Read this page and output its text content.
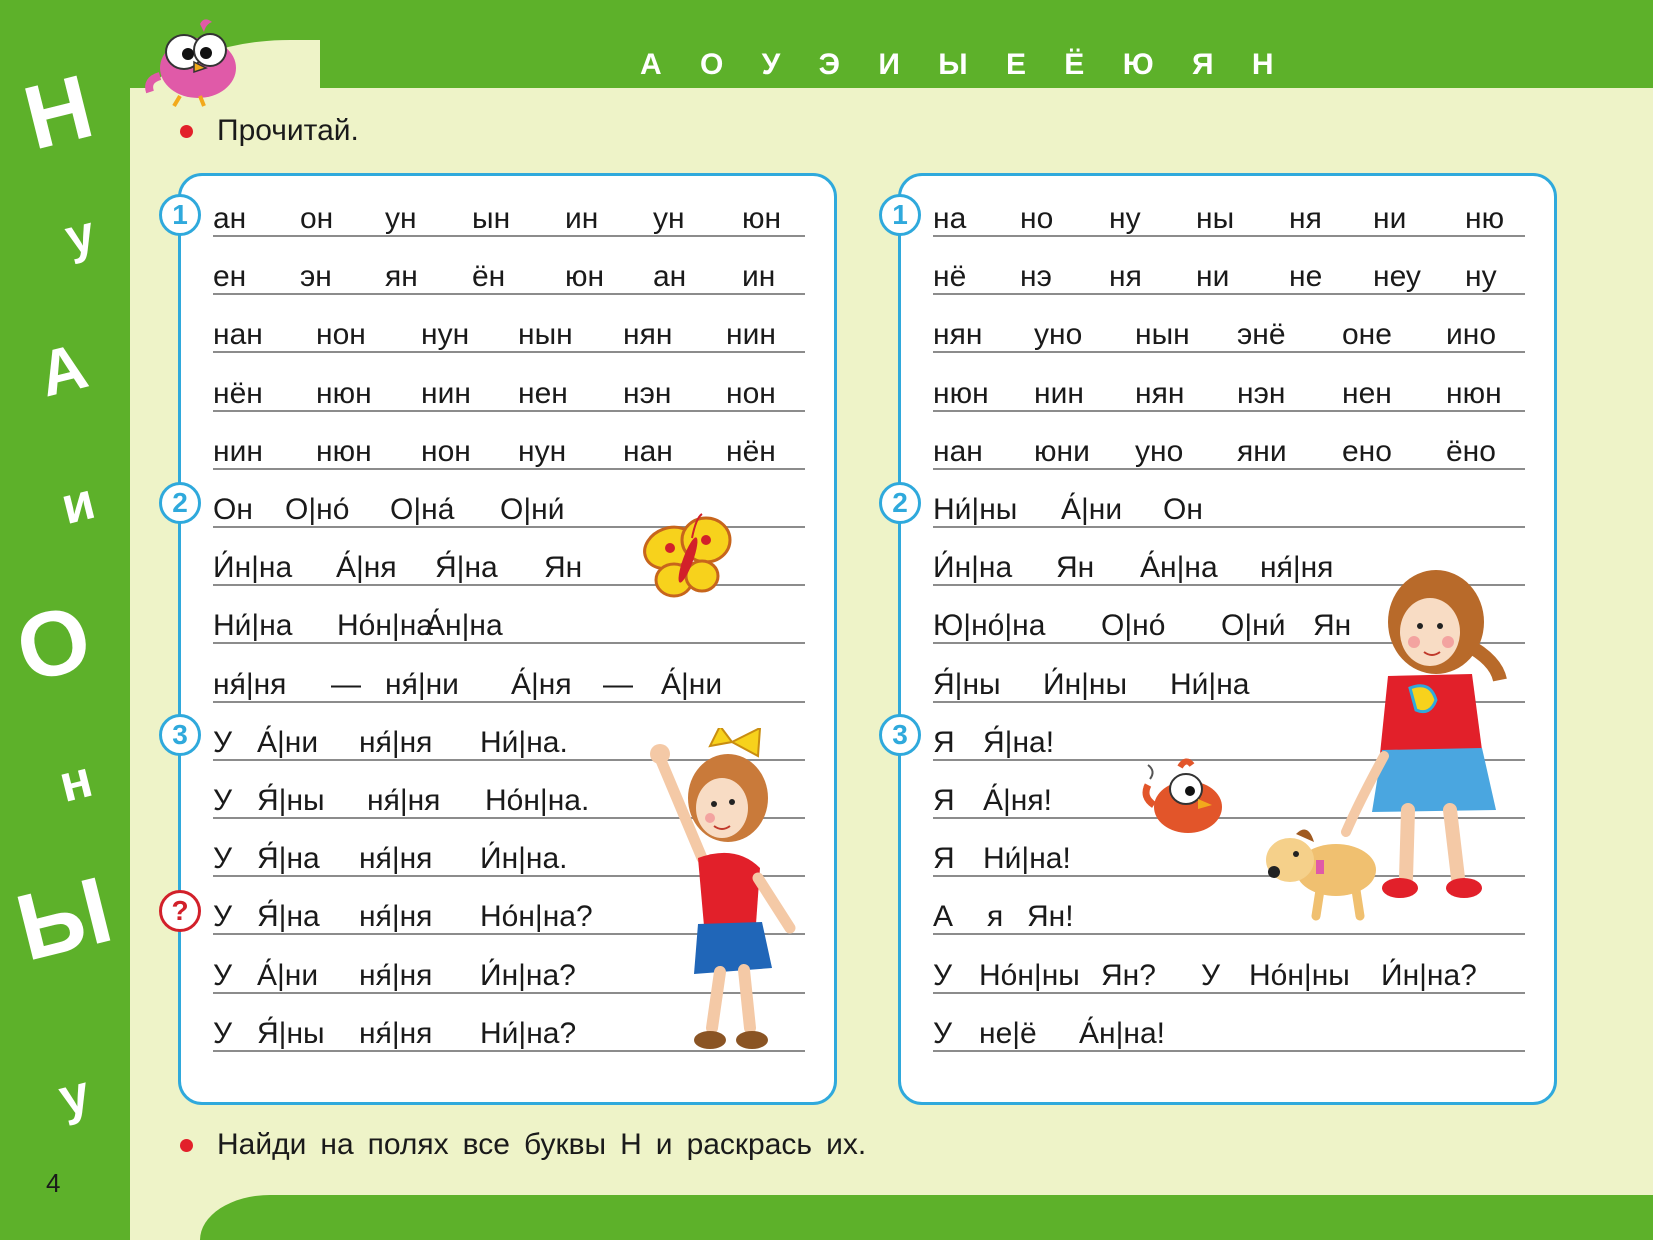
Н
у
А
и
О
н
Ы
у
4
А О У Э И Ы Е Ё Ю Я Н
Прочитай.
ан он ун ын ин ун юн
ен эн ян ён юн ан ин
нан нон нун нын нян нин
нён нюн нин нен нэн нон
нин нюн нон нун нан нён
Он О|но́ О|на́ О|ни́
И́н|на А́|ня Я́|на Ян
Ни́|на Но́н|на
А́н|на
ня́|ня — ня́|ни А́|ня — А́|ни
У А́|ни ня́|ня Ни́|на.
У Я́|ны ня́|ня Но́н|на.
У Я́|на ня́|ня И́н|на.
У Я́|на ня́|ня Но́н|на?
У А́|ни ня́|ня И́н|на?
У Я́|ны ня́|ня Ни́|на?
1
2
3
?
на но ну ны ня ни ню
нё нэ ня ни не неу ну
нян уно нын энё оне ино
нюн нин нян нэн нен нюн
нан юни уно яни ено ёно
Ни́|ны А́|ни Он
И́н|на Ян А́н|на ня́|ня
Ю|но́|на О|но́ О|ни́ Ян
Я́|ны И́н|ны Ни́|на
Я Я́|на!
Я А́|ня!
Я Ни́|на!
А я Ян!
У Но́н|ны Ян? У Но́н|ны И́н|на?
У не|ё А́н|на!
1
2
3
Найди на полях все буквы Н и раскрась их.
